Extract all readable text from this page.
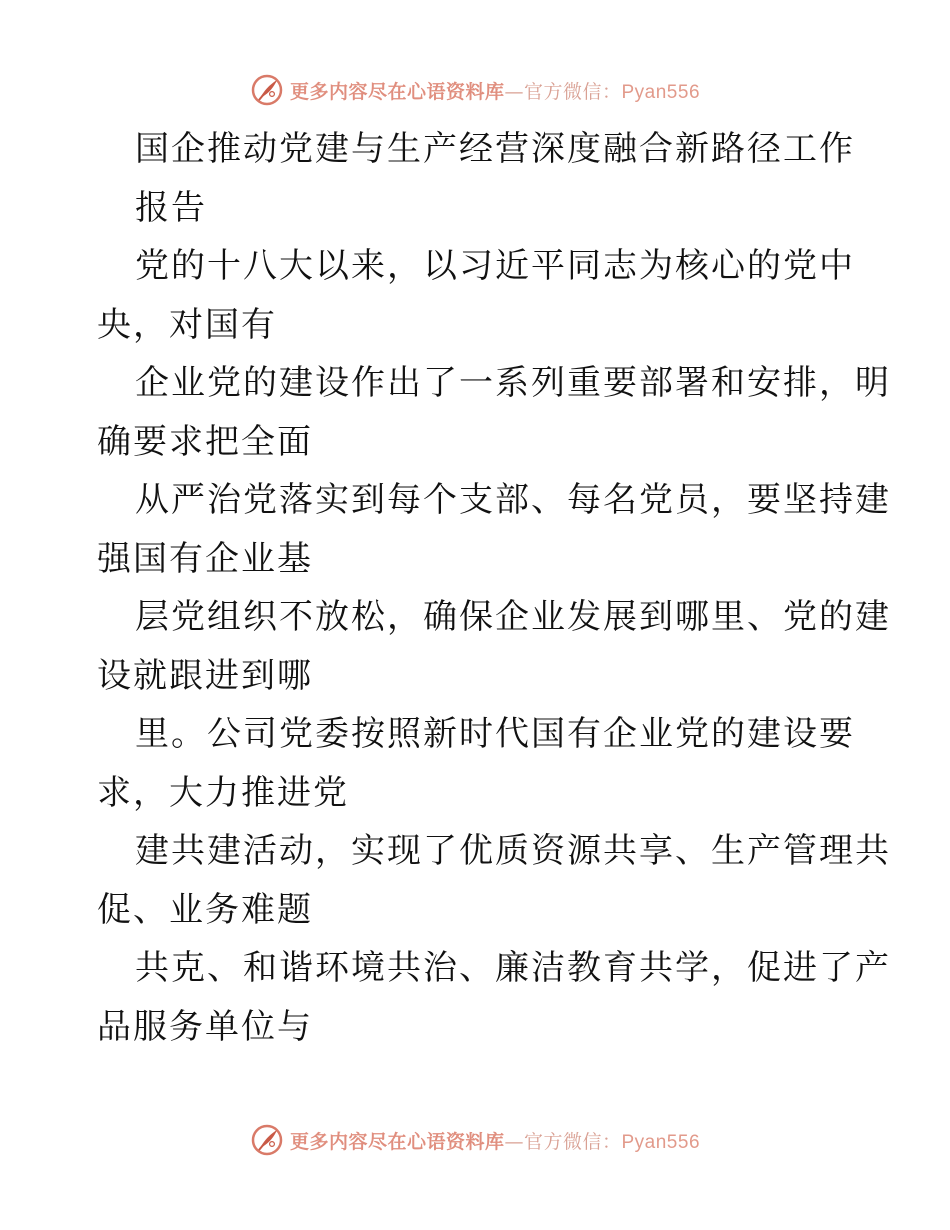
更多内容尽在心语资料库—官方微信：Pyan556
国企推动党建与生产经营深度融合新路径工作
报告
党的十八大以来，以习近平同志为核心的党中
央，对国有
企业党的建设作出了一系列重要部署和安排，明
确要求把全面
从严治党落实到每个支部、每名党员，要坚持建
强国有企业基
层党组织不放松，确保企业发展到哪里、党的建
设就跟进到哪
里。公司党委按照新时代国有企业党的建设要
求，大力推进党
建共建活动，实现了优质资源共享、生产管理共
促、业务难题
共克、和谐环境共治、廉洁教育共学，促进了产
品服务单位与
更多内容尽在心语资料库—官方微信：Pyan556
